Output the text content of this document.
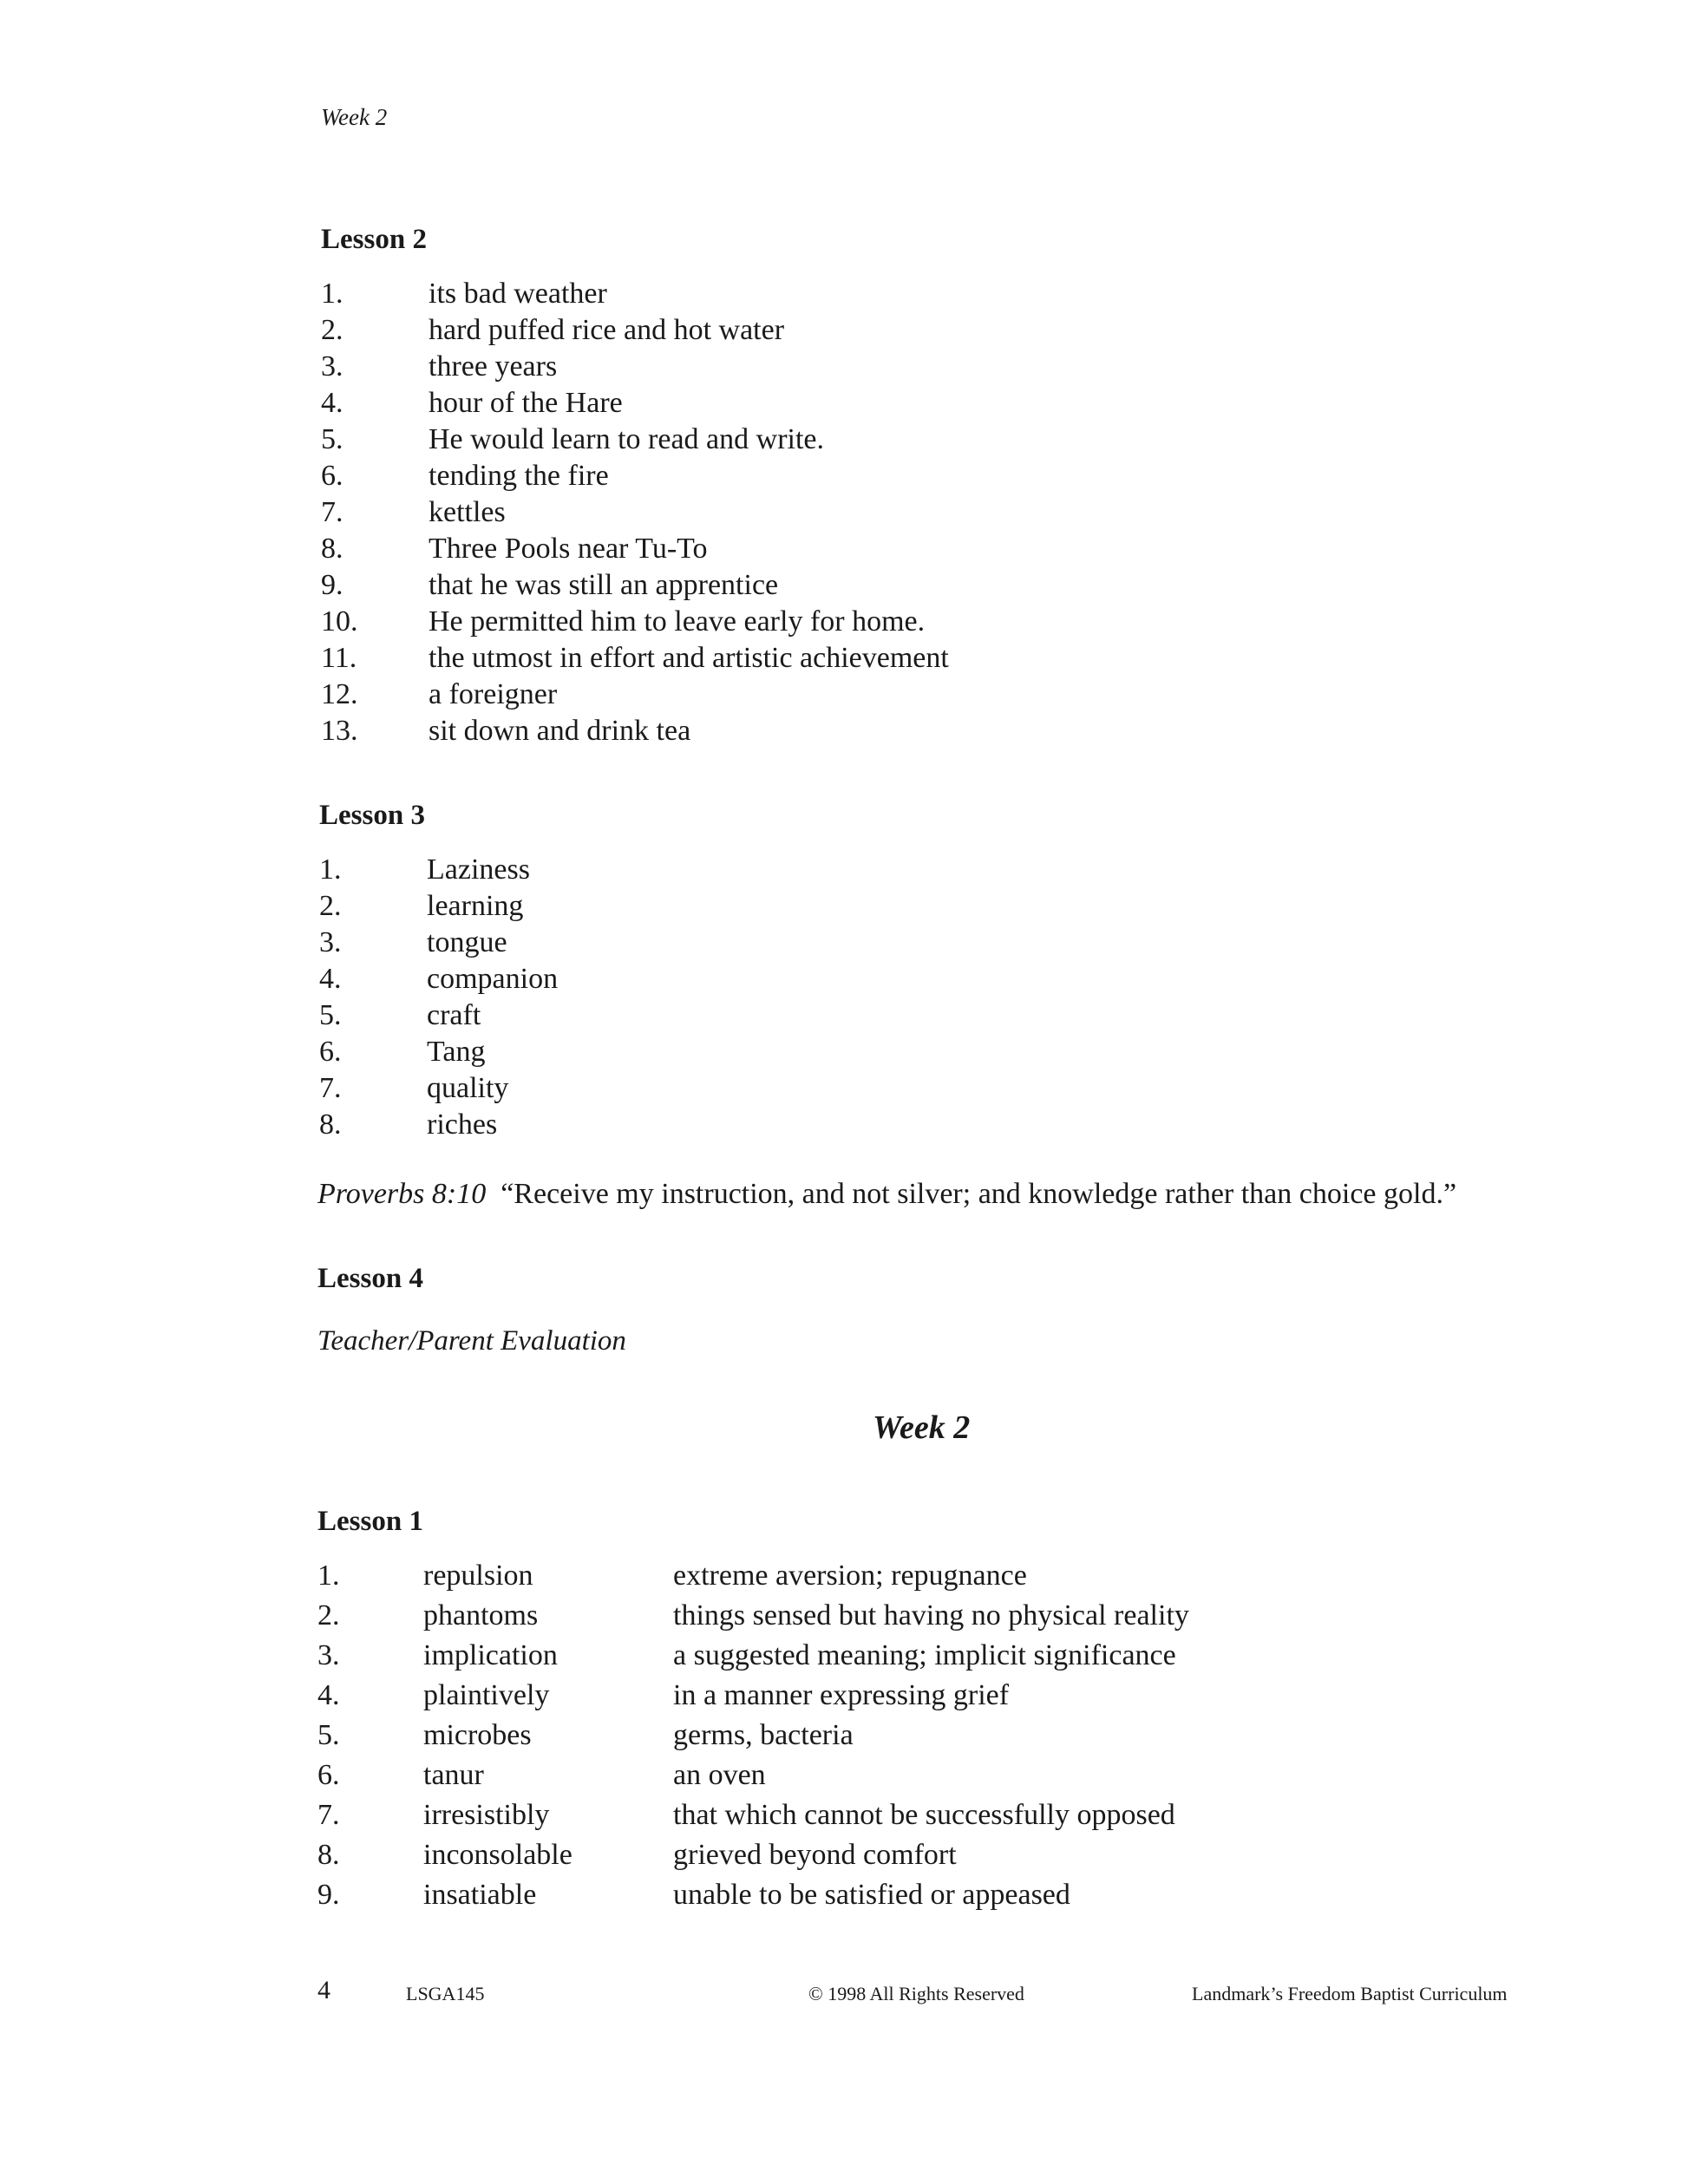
Week 2
Lesson 2
1.	its bad weather
2.	hard puffed rice and hot water
3.	three years
4.	hour of the Hare
5.	He would learn to read and write.
6.	tending the fire
7.	kettles
8.	Three Pools near Tu-To
9.	that he was still an apprentice
10. He permitted him to leave early for home.
11. the utmost in effort and artistic achievement
12. a foreigner
13. sit down and drink tea
Lesson 3
1.	Laziness
2.	learning
3.	tongue
4.	companion
5.	craft
6.	Tang
7.	quality
8.	riches
Proverbs 8:10 “Receive my instruction, and not silver; and knowledge rather than choice gold.”
Lesson 4
Teacher/Parent Evaluation
Week 2
Lesson 1
1.	repulsion	extreme aversion; repugnance
2.	phantoms	things sensed but having no physical reality
3.	implication	a suggested meaning; implicit significance
4.	plaintively	in a manner expressing grief
5.	microbes	germs, bacteria
6.	tanur	an oven
7.	irresistibly	that which cannot be successfully opposed
8.	inconsolable	grieved beyond comfort
9.	insatiable	unable to be satisfied or appeased
4	LSGA145	© 1998 All Rights Reserved	Landmark’s Freedom Baptist Curriculum
